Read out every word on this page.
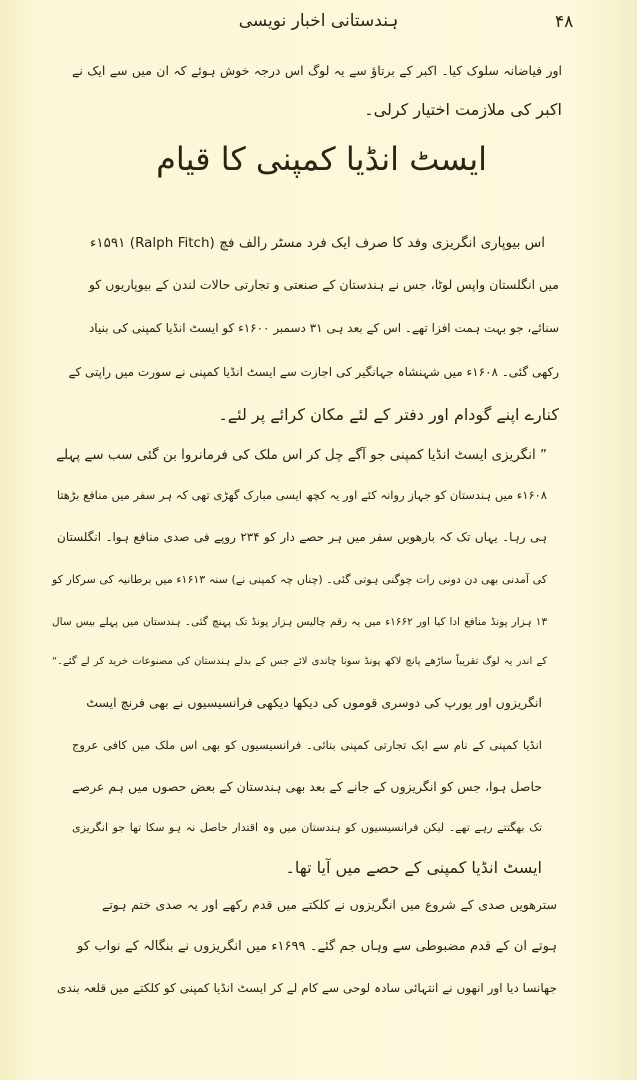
۴۸
ہندستانی اخبار نویسی
ایسٹ انڈیا کمپنی کا قیام
اور فیاضانہ سلوک کیا۔ اکبر کے برتاؤ سے یہ لوگ اس درجہ خوش ہوئے کہ ان میں سے ایک نے
اکبر کی ملازمت اختیار کرلی۔
اس بیوپاری انگریزی وفد کا صرف ایک فرد مسٹر رالف فچ (Ralph Fitch) ۱۵۹۱ء
میں انگلستان واپس لوٹا، جس نے ہندستان کے صنعتی و تجارتی حالات لندن کے بیوپاریوں کو
سنائے، جو بہت ہمت افزا تھے۔ اس کے بعد ہی ۳۱ دسمبر ۱۶۰۰ء کو ایسٹ انڈیا کمپنی کی بنیاد
رکھی گئی۔ ۱۶۰۸ء میں شہنشاہ جہانگیر کی اجازت سے ایسٹ انڈیا کمپنی نے سورت میں راپتی کے
کنارے اپنے گودام اور دفتر کے لئے مکان کرائے پر لئے۔
” انگریزی ایسٹ انڈیا کمپنی جو آگے چل کر اس ملک کی فرمانروا بن گئی سب سے پہلے
۱۶۰۸ء میں ہندستان کو جہاز روانہ کئے اور یہ کچھ ایسی مبارک گھڑی تھی کہ ہر سفر میں منافع بڑھتا
ہی رہا۔ یہاں تک کہ بارھویں سفر میں ہر حصے دار کو ۲۳۴ روپے فی صدی منافع ہوا۔ انگلستان
کی آمدنی بھی دن دونی رات چوگنی ہوتی گئی۔ (چناں چہ کمپنی نے) سنہ ۱۶۱۳ء میں برطانیہ کی سرکار کو
۱۳ ہزار پونڈ منافع ادا کیا اور ۱۶۶۲ء میں یہ رقم چالیس ہزار پونڈ تک پہنچ گئی۔ ہندستان میں پہلے بیس سال
کے اندر یہ لوگ تقریباً ساڑھے پانچ لاکھ پونڈ سونا چاندی لائے جس کے بدلے ہندستان کی مصنوعات خرید کر لے گئے۔“
انگریزوں اور یورپ کی دوسری قوموں کی دیکھا دیکھی فرانسیسیوں نے بھی فرنچ ایسٹ
انڈیا کمپنی کے نام سے ایک تجارتی کمپنی بنائی۔ فرانسیسیوں کو بھی اس ملک میں کافی عروج
حاصل ہوا، جس کو انگریزوں کے جانے کے بعد بھی ہندستان کے بعض حصوں میں ہم عرصے
تک بھگتتے رہے تھے۔ لیکن فرانسیسیوں کو ہندستان میں وہ اقتدار حاصل نہ ہو سکا تھا جو انگریزی
ایسٹ انڈیا کمپنی کے حصے میں آیا تھا۔
سترھویں صدی کے شروع میں انگریزوں نے کلکتے میں قدم رکھے اور یہ صدی ختم ہوتے
ہوتے ان کے قدم مضبوطی سے وہاں جم گئے۔ ۱۶۹۹ء میں انگریزوں نے بنگالہ کے نواب کو
جھانسا دیا اور انھوں نے انتہائی سادہ لوحی سے کام لے کر ایسٹ انڈیا کمپنی کو کلکتے میں قلعہ بندی
